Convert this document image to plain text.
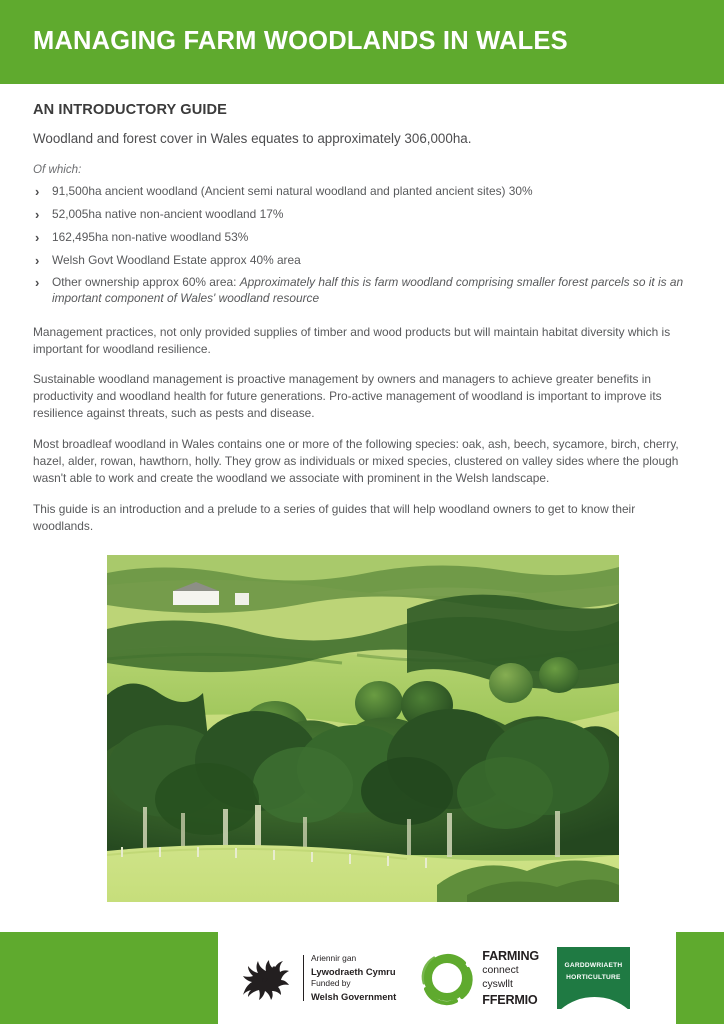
MANAGING FARM WOODLANDS IN WALES
AN INTRODUCTORY GUIDE

Woodland and forest cover in Wales equates to approximately 306,000ha.

Of which:

› 91,500ha ancient woodland (Ancient semi natural woodland and planted ancient sites) 30%
› 52,005ha native non-ancient woodland 17%
› 162,495ha non-native woodland 53%
› Welsh Govt Woodland Estate approx 40% area
› Other ownership approx 60% area: Approximately half this is farm woodland comprising smaller forest parcels so it is an important component of Wales' woodland resource

Management practices, not only provided supplies of timber and wood products but will maintain habitat diversity which is important for woodland resilience.

Sustainable woodland management is proactive management by owners and managers to achieve greater benefits in productivity and woodland health for future generations. Pro-active management of woodland is important to improve its resilience against threats, such as pests and disease.

Most broadleaf woodland in Wales contains one or more of the following species: oak, ash, beech, sycamore, birch, cherry, hazel, alder, rowan, hawthorn, holly. They grow as individuals or mixed species, clustered on valley sides where the plough wasn't able to work and create the woodland we associate with prominent in the Welsh landscape.

This guide is an introduction and a prelude to a series of guides that will help woodland owners to get to know their woodlands.

Ariennir gan
Lywodraeth Cymru
Funded by
Welsh Government
FARMING
connect
cyswllt
FFERMIO
GARDDWRIAETH
HORTICULTURE
